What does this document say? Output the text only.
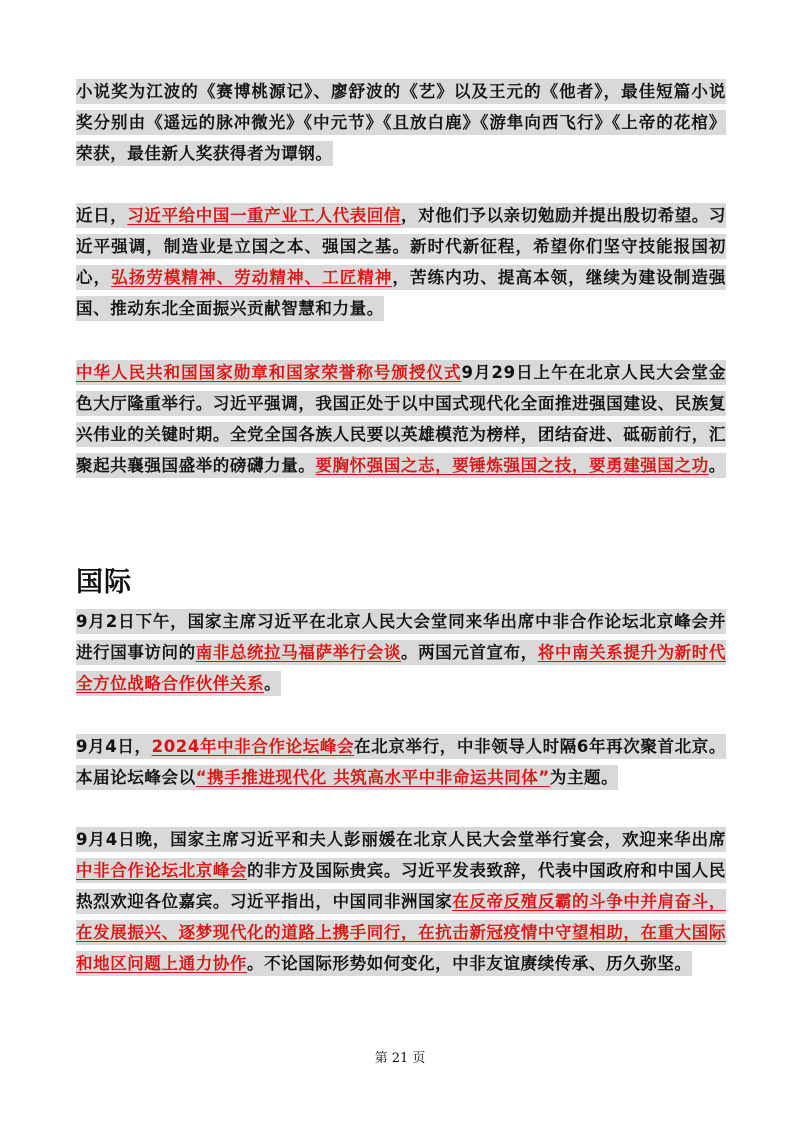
小说奖为江波的《赛博桃源记》、廖舒波的《艺》以及王元的《他者》，最佳短篇小说奖分别由《遥远的脉冲微光》《中元节》《且放白鹿》《游隼向西飞行》《上帝的花棺》荣获，最佳新人奖获得者为谭钢。

近日，习近平给中国一重产业工人代表回信，对他们予以亲切勉励并提出殷切希望。习近平强调，制造业是立国之本、强国之基。新时代新征程，希望你们坚守技能报国初心，弘扬劳模精神、劳动精神、工匠精神，苦练内功、提高本领，继续为建设制造强国、推动东北全面振兴贡献智慧和力量。

中华人民共和国国家勋章和国家荣誉称号颁授仪式9月29日上午在北京人民大会堂金色大厅隆重举行。习近平强调，我国正处于以中国式现代化全面推进强国建设、民族复兴伟业的关键时期。全党全国各族人民要以英雄模范为榜样，团结奋进、砥砺前行，汇聚起共襄强国盛举的磅礴力量。要胸怀强国之志，要锤炼强国之技，要勇建强国之功。

国际

9月2日下午，国家主席习近平在北京人民大会堂同来华出席中非合作论坛北京峰会并进行国事访问的南非总统拉马福萨举行会谈。两国元首宣布，将中南关系提升为新时代全方位战略合作伙伴关系。

9月4日，2024年中非合作论坛峰会在北京举行，中非领导人时隔6年再次聚首北京。本届论坛峰会以“携手推进现代化 共筑高水平中非命运共同体”为主题。

9月4日晚，国家主席习近平和夫人彭丽媛在北京人民大会堂举行宴会，欢迎来华出席中非合作论坛北京峰会的非方及国际贵宾。习近平发表致辞，代表中国政府和中国人民热烈欢迎各位嘉宾。习近平指出，中国同非洲国家在反帝反殖反霸的斗争中并肩奋斗，在发展振兴、逐梦现代化的道路上携手同行，在抗击新冠疫情中守望相助，在重大国际和地区问题上通力协作。不论国际形势如何变化，中非友谊赓续传承、历久弥坚。

第 21 页
